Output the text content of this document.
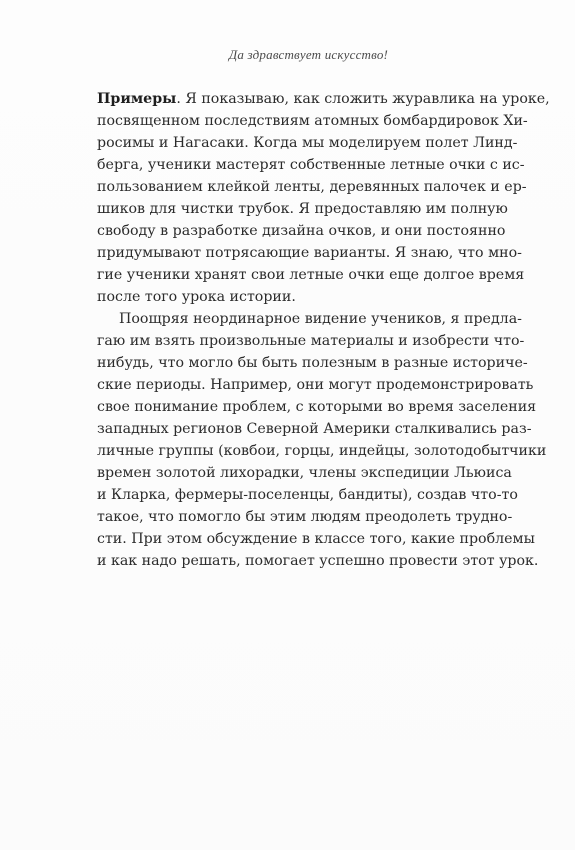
Да здравствует искусство!
Примеры. Я показываю, как сложить журавлика на уроке,
посвященном последствиям атомных бомбардировок Хи-
росимы и Нагасаки. Когда мы моделируем полет Линд-
берга, ученики мастерят собственные летные очки с ис-
пользованием клейкой ленты, деревянных палочек и ер-
шиков для чистки трубок. Я предоставляю им полную
свободу в разработке дизайна очков, и они постоянно
придумывают потрясающие варианты. Я знаю, что мно-
гие ученики хранят свои летные очки еще долгое время
после того урока истории.
Поощряя неординарное видение учеников, я предла-
гаю им взять произвольные материалы и изобрести что-
нибудь, что могло бы быть полезным в разные историче-
ские периоды. Например, они могут продемонстрировать
свое понимание проблем, с которыми во время заселения
западных регионов Северной Америки сталкивались раз-
личные группы (ковбои, горцы, индейцы, золотодобытчики
времен золотой лихорадки, члены экспедиции Льюиса
и Кларка, фермеры-поселенцы, бандиты), создав что-то
такое, что помогло бы этим людям преодолеть трудно-
сти. При этом обсуждение в классе того, какие проблемы
и как надо решать, помогает успешно провести этот урок.
